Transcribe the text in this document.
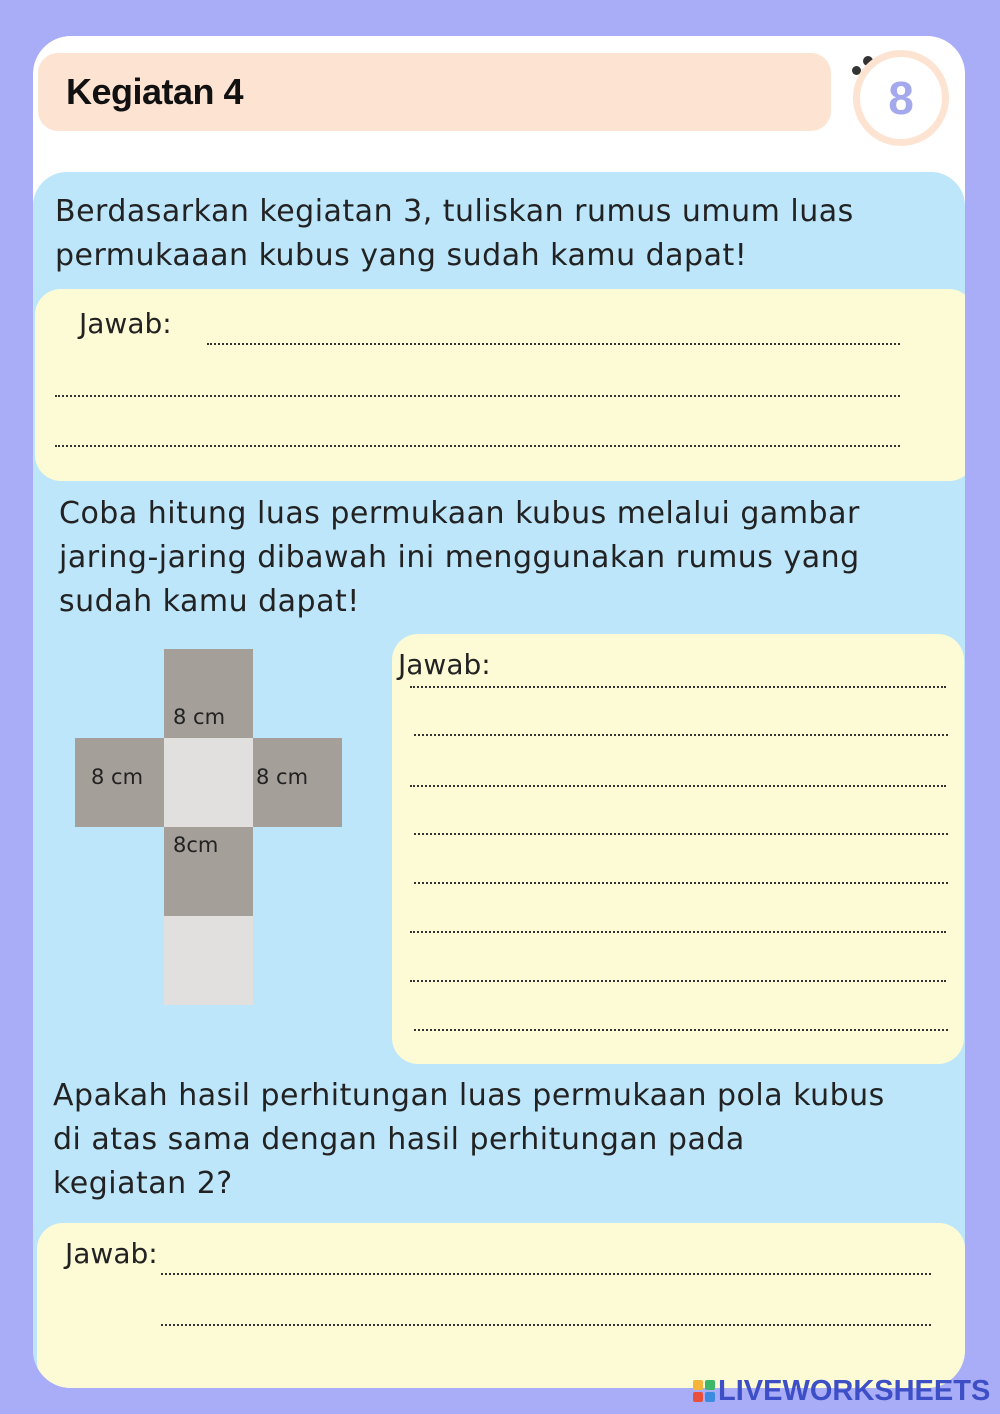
Kegiatan 4	8
Berdasarkan kegiatan 3, tuliskan rumus umum luas
permukaaan kubus yang sudah kamu dapat!
Jawab:
Coba hitung luas permukaan kubus melalui gambar
jaring-jaring dibawah ini menggunakan rumus yang
sudah kamu dapat!
8 cm
8 cm	8 cm
8cm
Jawab:
Apakah hasil perhitungan luas permukaan pola kubus
di atas sama dengan hasil perhitungan pada
kegiatan 2?
Jawab:
LIVEWORKSHEETS
